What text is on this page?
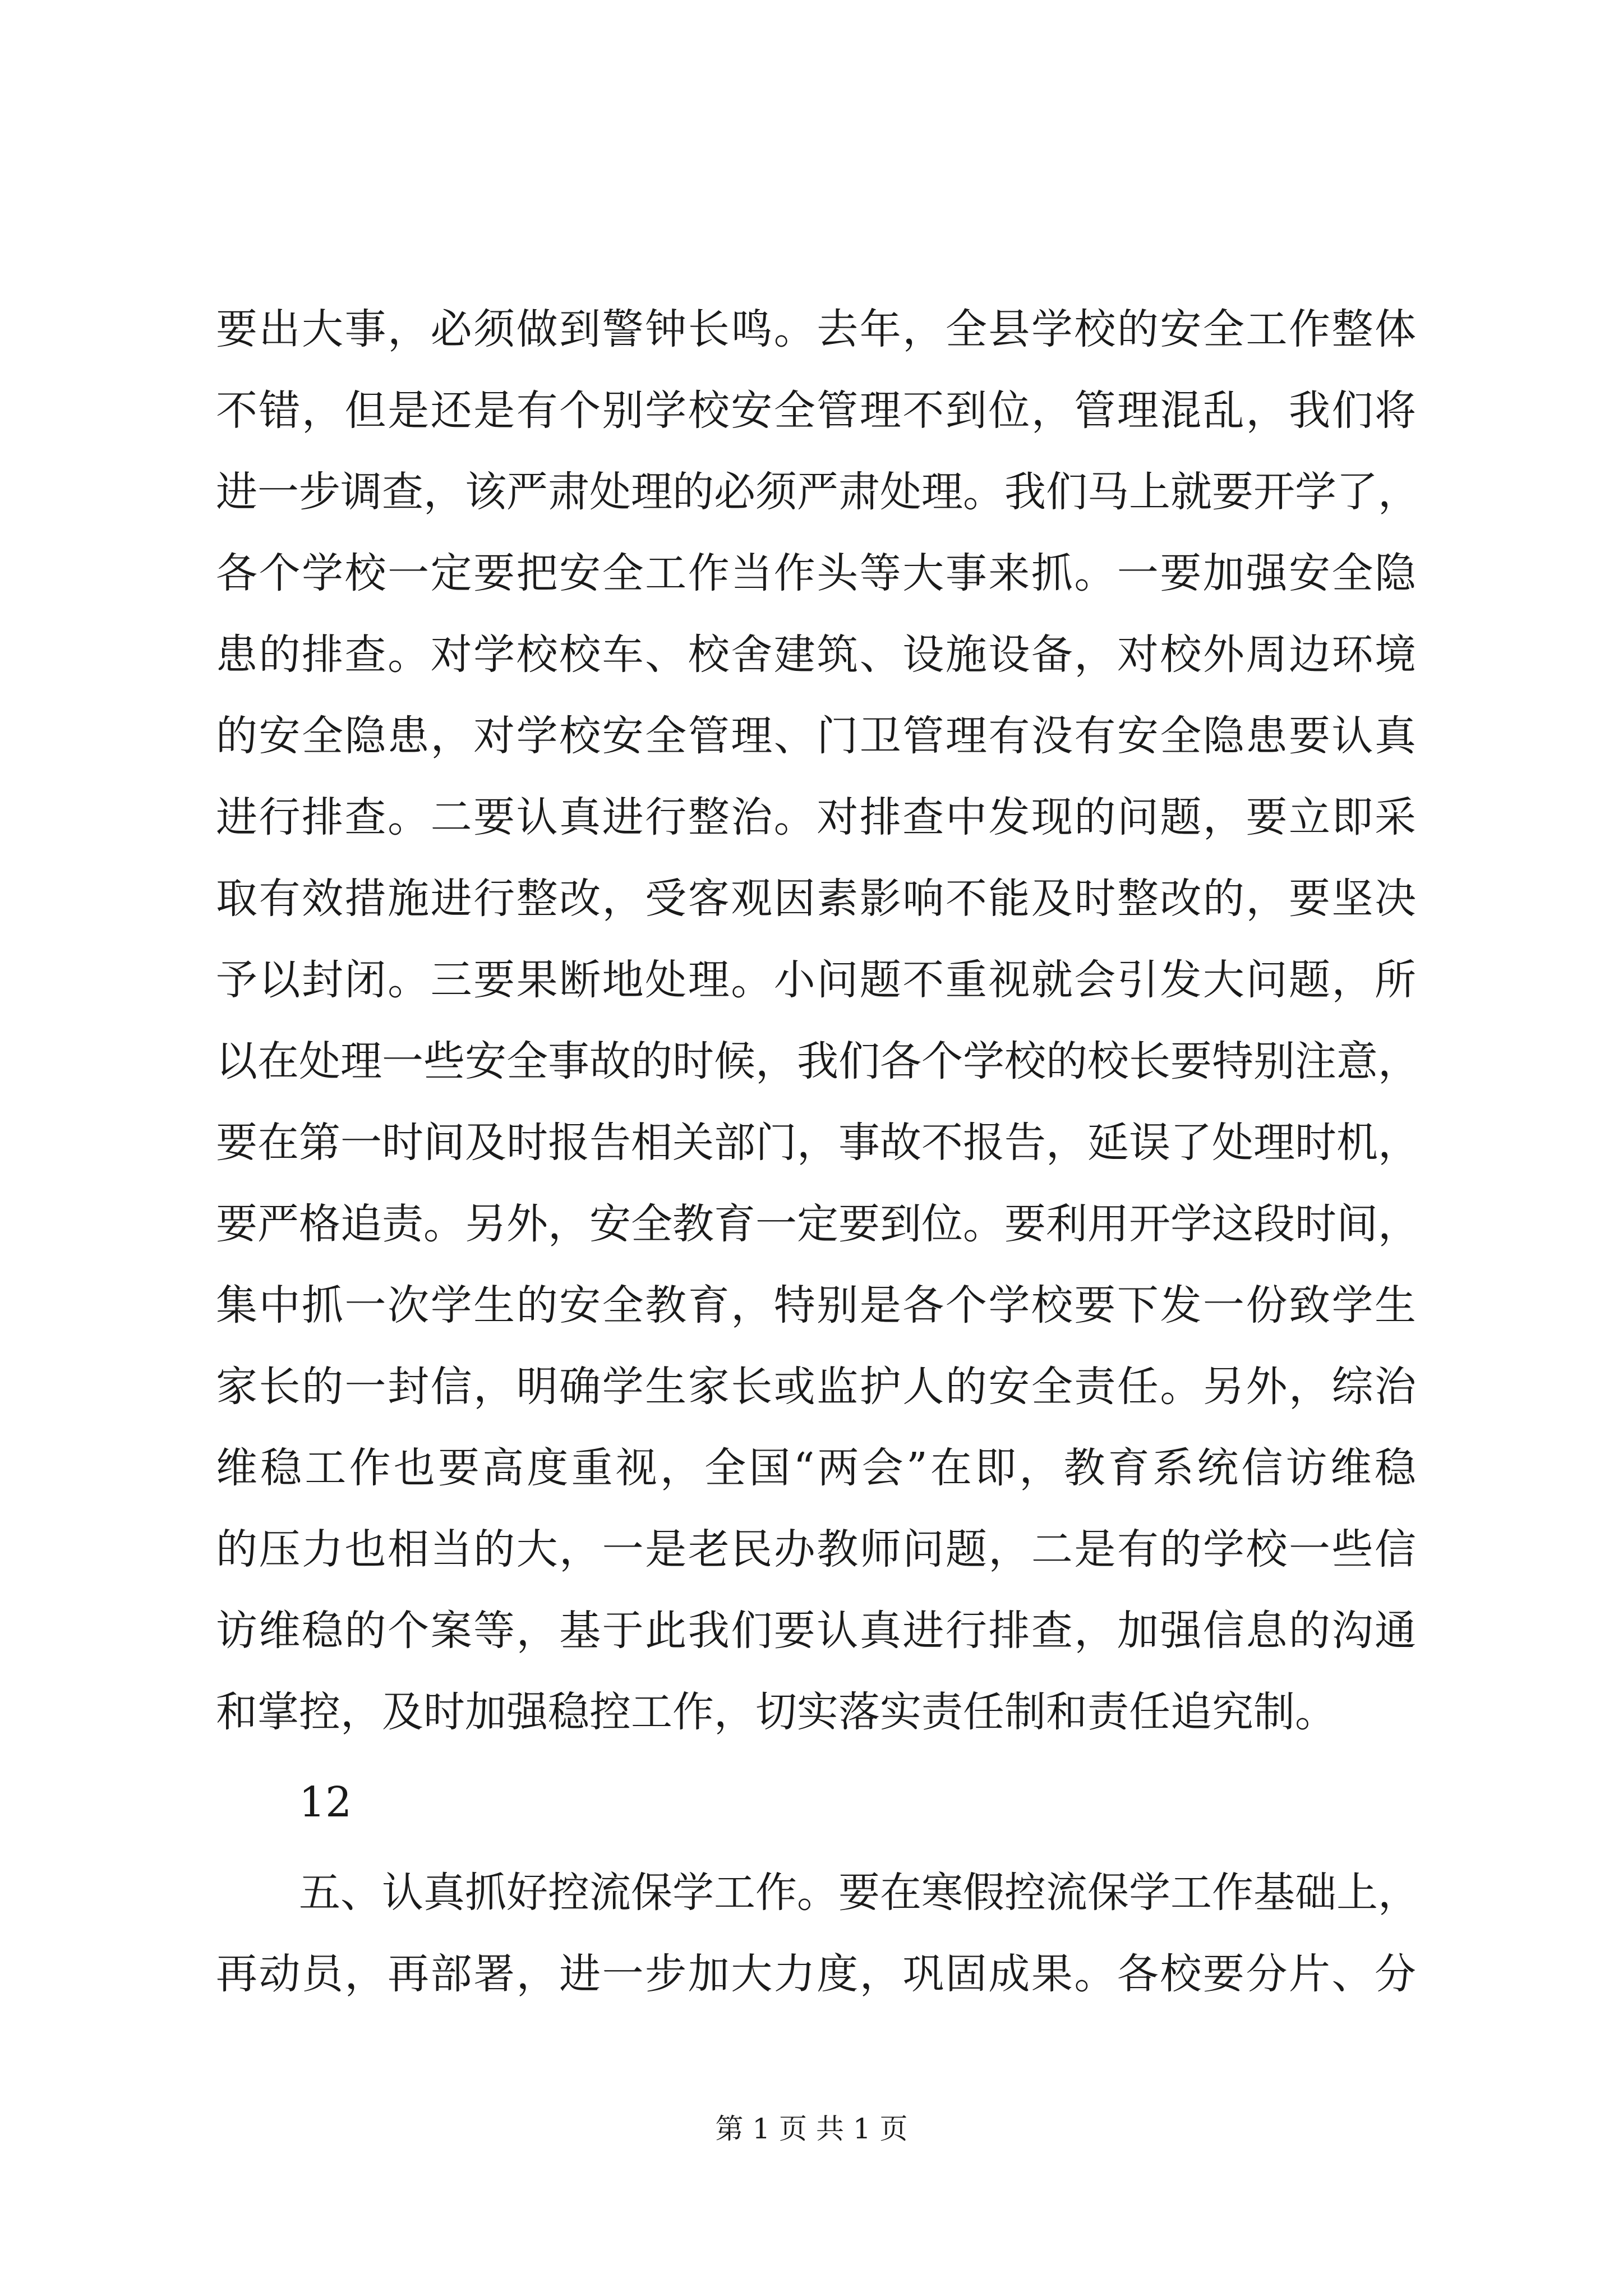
要出大事，必须做到警钟长鸣。去年，全县学校的安全工作整体
不错，但是还是有个别学校安全管理不到位，管理混乱，我们将
进一步调查，该严肃处理的必须严肃处理。我们马上就要开学了，
各个学校一定要把安全工作当作头等大事来抓。一要加强安全隐
患的排查。对学校校车、校舍建筑、设施设备，对校外周边环境
的安全隐患，对学校安全管理、门卫管理有没有安全隐患要认真
进行排查。二要认真进行整治。对排查中发现的问题，要立即采
取有效措施进行整改，受客观因素影响不能及时整改的，要坚决
予以封闭。三要果断地处理。小问题不重视就会引发大问题，所
以在处理一些安全事故的时候，我们各个学校的校长要特别注意，
要在第一时间及时报告相关部门，事故不报告，延误了处理时机，
要严格追责。另外，安全教育一定要到位。要利用开学这段时间，
集中抓一次学生的安全教育，特别是各个学校要下发一份致学生
家长的一封信，明确学生家长或监护人的安全责任。另外，综治
维稳工作也要高度重视，全国“两会”在即，教育系统信访维稳
的压力也相当的大，一是老民办教师问题，二是有的学校一些信
访维稳的个案等，基于此我们要认真进行排查，加强信息的沟通
和掌控，及时加强稳控工作，切实落实责任制和责任追究制。
12
五、认真抓好控流保学工作。要在寒假控流保学工作基础上，
再动员，再部署，进一步加大力度，巩固成果。各校要分片、分
第 1 页 共 1 页
